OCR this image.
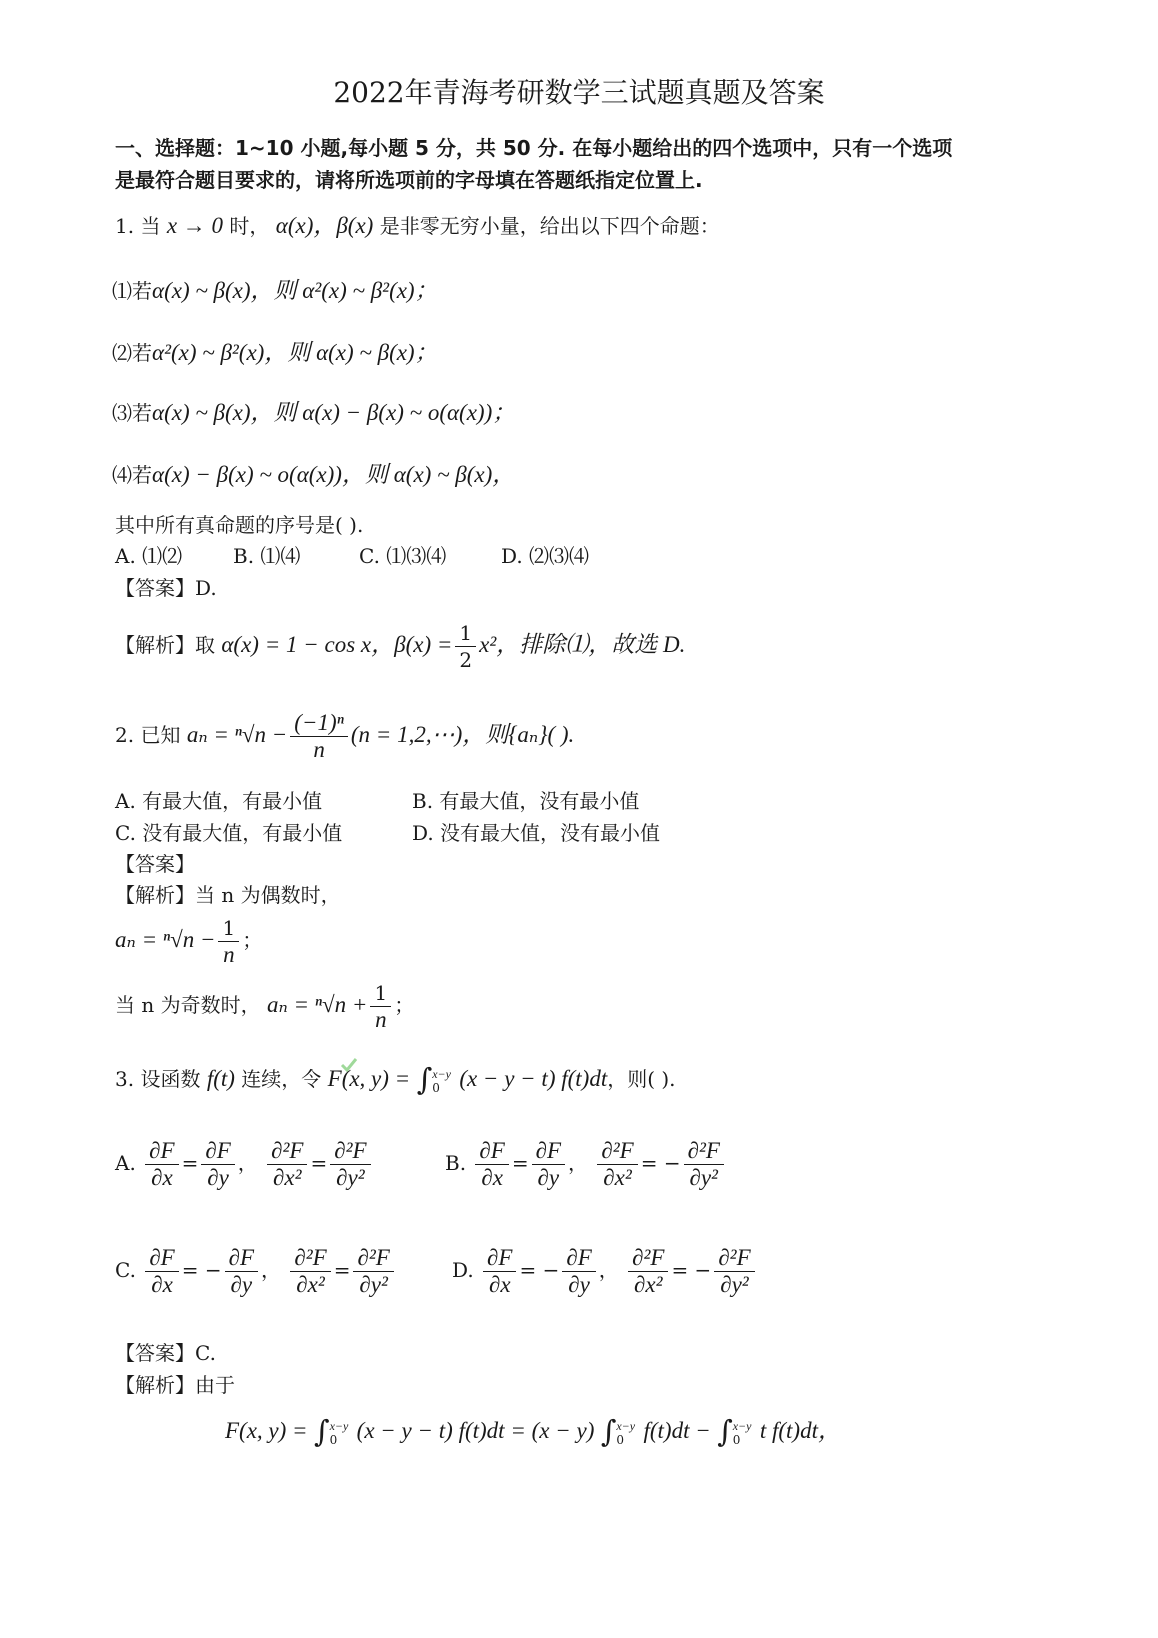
2022年青海考研数学三试题真题及答案
一、选择题：1~10 小题,每小题 5 分，共 50 分. 在每小题给出的四个选项中，只有一个选项
是最符合题目要求的，请将所选项前的字母填在答题纸指定位置上.
1. 当 x → 0 时， α(x)，β(x) 是非零无穷小量，给出以下四个命题：
⑴若α(x) ~ β(x)，则 α²(x) ~ β²(x)；
⑵若α²(x) ~ β²(x)，则 α(x) ~ β(x)；
⑶若α(x) ~ β(x)，则 α(x) − β(x) ~ o(α(x))；
⑷若α(x) − β(x) ~ o(α(x))，则 α(x) ~ β(x)，
其中所有真命题的序号是( ).
A. ⑴⑵	B. ⑴⑷	C. ⑴⑶⑷	D. ⑵⑶⑷
【答案】D.
【解析】取 α(x) = 1 − cos x，$\beta(x) = \frac{1}{2} x^2$，排除⑴，故选 D.
2. 已知 $a_n = ^n√n - \frac{\text{(−1)ⁿ}}{n} (n$ = 1,2,⋯)，则{aₙ}( ).
A. 有最大值，有最小值	B. 有最大值，没有最小值
C. 没有最大值，有最小值	D. 没有最大值，没有最小值
【答案】
【解析】当 n 为偶数时，
$a_n = ^n√n - \frac{1}{n}$ ；
当 n 为奇数时， $a_n = ^n√n + \frac{1}{n}$ ；
3. 设函数 f(t) 连续，令 F(x, y) = ∫ x−y
0 (x − y − t) f(t)dt，则( ).
A. $\frac{\partial F}{\partial x} = \frac{\partial F}{\partial y}$ ， $\frac{\text{∂²F}}{\text{∂x²}} = \frac{\text{∂²F}}{\text{∂y²}}$	B. $\frac{\partial F}{\partial x} = \frac{\partial F}{\partial y}$ ， $\frac{\text{∂²F}}{\text{∂x²}}$ = − $\frac{\text{∂²F}}{\text{∂y²}}$
C. $\frac{\partial F}{\partial x}$ = − $\frac{\partial F}{\partial y}$ ， $\frac{\text{∂²F}}{\text{∂x²}} = \frac{\text{∂²F}}{\text{∂y²}}$	D. $\frac{\partial F}{\partial x}$ = − $\frac{\partial F}{\partial y}$ ， $\frac{\text{∂²F}}{\text{∂x²}}$ = − $\frac{\text{∂²F}}{\text{∂y²}}$
【答案】C.
【解析】由于
F(x, y) = ∫ x−y
0 (x − y − t) f(t)dt = (x − y) ∫ x−y
0 f(t)dt − ∫ x−y
0 t f(t)dt，
